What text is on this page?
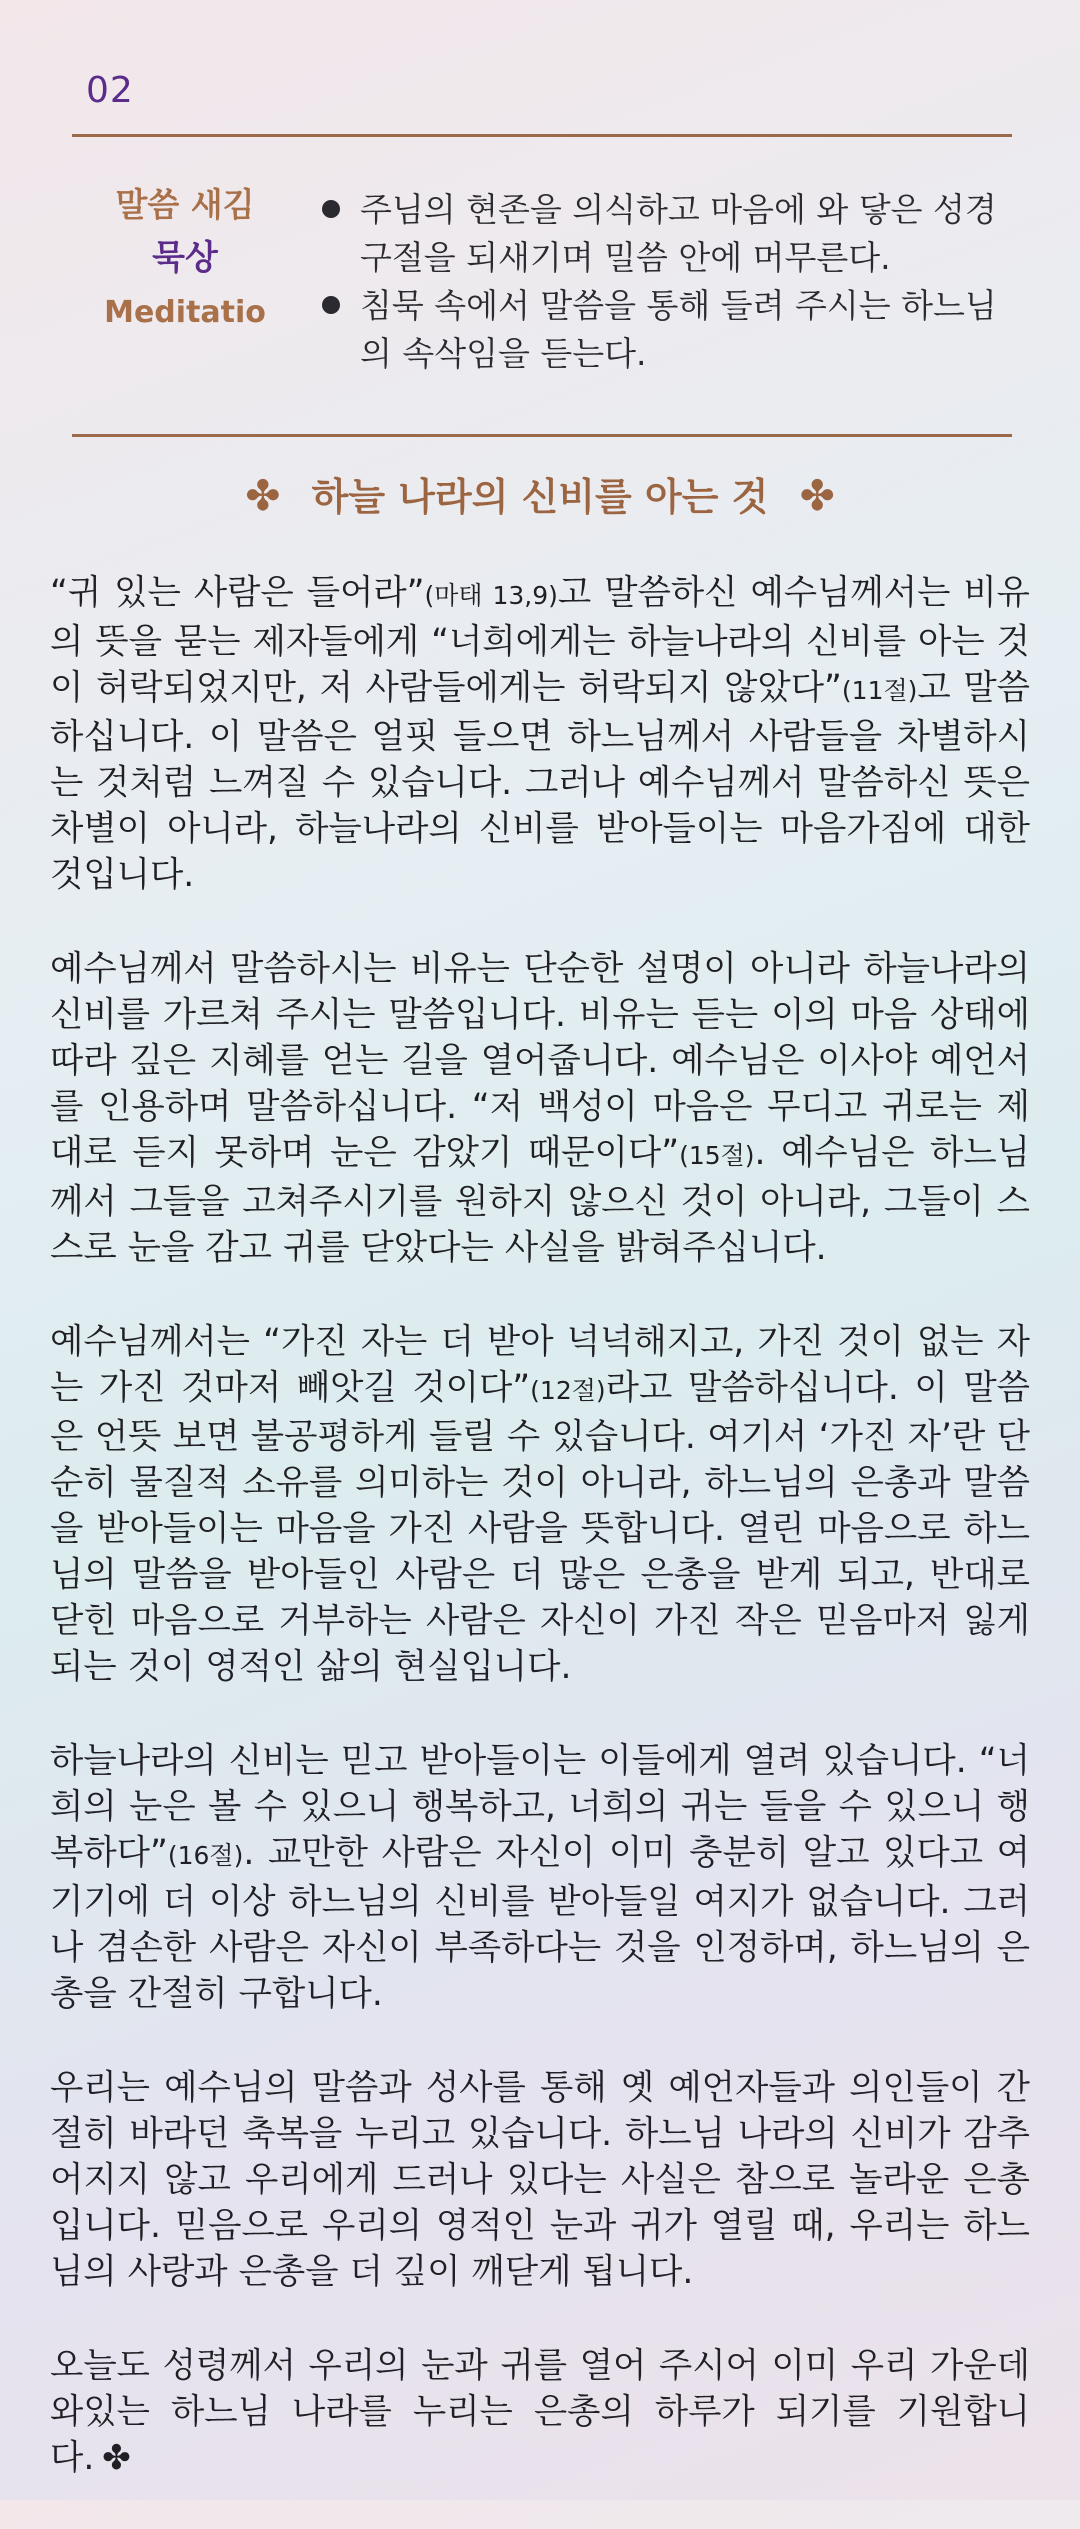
02
말씀 새김
묵상
Meditatio
주님의 현존을 의식하고 마음에 와 닿은 성경구절을 되새기며 밀씀 안에 머무른다.
침묵 속에서 말씀을 통해 들려 주시는 하느님의 속삭임을 듣는다.
✤ 하늘 나라의 신비를 아는 것 ✤

“귀 있는 사람은 들어라”(마태 13,9)고 말씀하신 예수님께서는 비유의 뜻을 묻는 제자들에게 “너희에게는 하늘나라의 신비를 아는 것이 허락되었지만, 저 사람들에게는 허락되지 않았다”(11절)고 말씀하십니다. 이 말씀은 얼핏 들으면 하느님께서 사람들을 차별하시는 것처럼 느껴질 수 있습니다. 그러나 예수님께서 말씀하신 뜻은 차별이 아니라, 하늘나라의 신비를 받아들이는 마음가짐에 대한 것입니다.

예수님께서 말씀하시는 비유는 단순한 설명이 아니라 하늘나라의 신비를 가르쳐 주시는 말씀입니다. 비유는 듣는 이의 마음 상태에 따라 깊은 지혜를 얻는 길을 열어줍니다. 예수님은 이사야 예언서를 인용하며 말씀하십니다. “저 백성이 마음은 무디고 귀로는 제대로 듣지 못하며 눈은 감았기 때문이다”(15절). 예수님은 하느님께서 그들을 고쳐주시기를 원하지 않으신 것이 아니라, 그들이 스스로 눈을 감고 귀를 닫았다는 사실을 밝혀주십니다.

예수님께서는 “가진 자는 더 받아 넉넉해지고, 가진 것이 없는 자는 가진 것마저 빼앗길 것이다”(12절)라고 말씀하십니다. 이 말씀은 언뜻 보면 불공평하게 들릴 수 있습니다. 여기서 ‘가진 자’란 단순히 물질적 소유를 의미하는 것이 아니라, 하느님의 은총과 말씀을 받아들이는 마음을 가진 사람을 뜻합니다. 열린 마음으로 하느님의 말씀을 받아들인 사람은 더 많은 은총을 받게 되고, 반대로 닫힌 마음으로 거부하는 사람은 자신이 가진 작은 믿음마저 잃게 되는 것이 영적인 삶의 현실입니다.

하늘나라의 신비는 믿고 받아들이는 이들에게 열려 있습니다. “너희의 눈은 볼 수 있으니 행복하고, 너희의 귀는 들을 수 있으니 행복하다”(16절). 교만한 사람은 자신이 이미 충분히 알고 있다고 여기기에 더 이상 하느님의 신비를 받아들일 여지가 없습니다. 그러나 겸손한 사람은 자신이 부족하다는 것을 인정하며, 하느님의 은총을 간절히 구합니다.

우리는 예수님의 말씀과 성사를 통해 옛 예언자들과 의인들이 간절히 바라던 축복을 누리고 있습니다. 하느님 나라의 신비가 감추어지지 않고 우리에게 드러나 있다는 사실은 참으로 놀라운 은총입니다. 믿음으로 우리의 영적인 눈과 귀가 열릴 때, 우리는 하느님의 사랑과 은총을 더 깊이 깨닫게 됩니다.

오늘도 성령께서 우리의 눈과 귀를 열어 주시어 이미 우리 가운데 와있는 하느님 나라를 누리는 은총의 하루가 되기를 기원합니다. ✤
